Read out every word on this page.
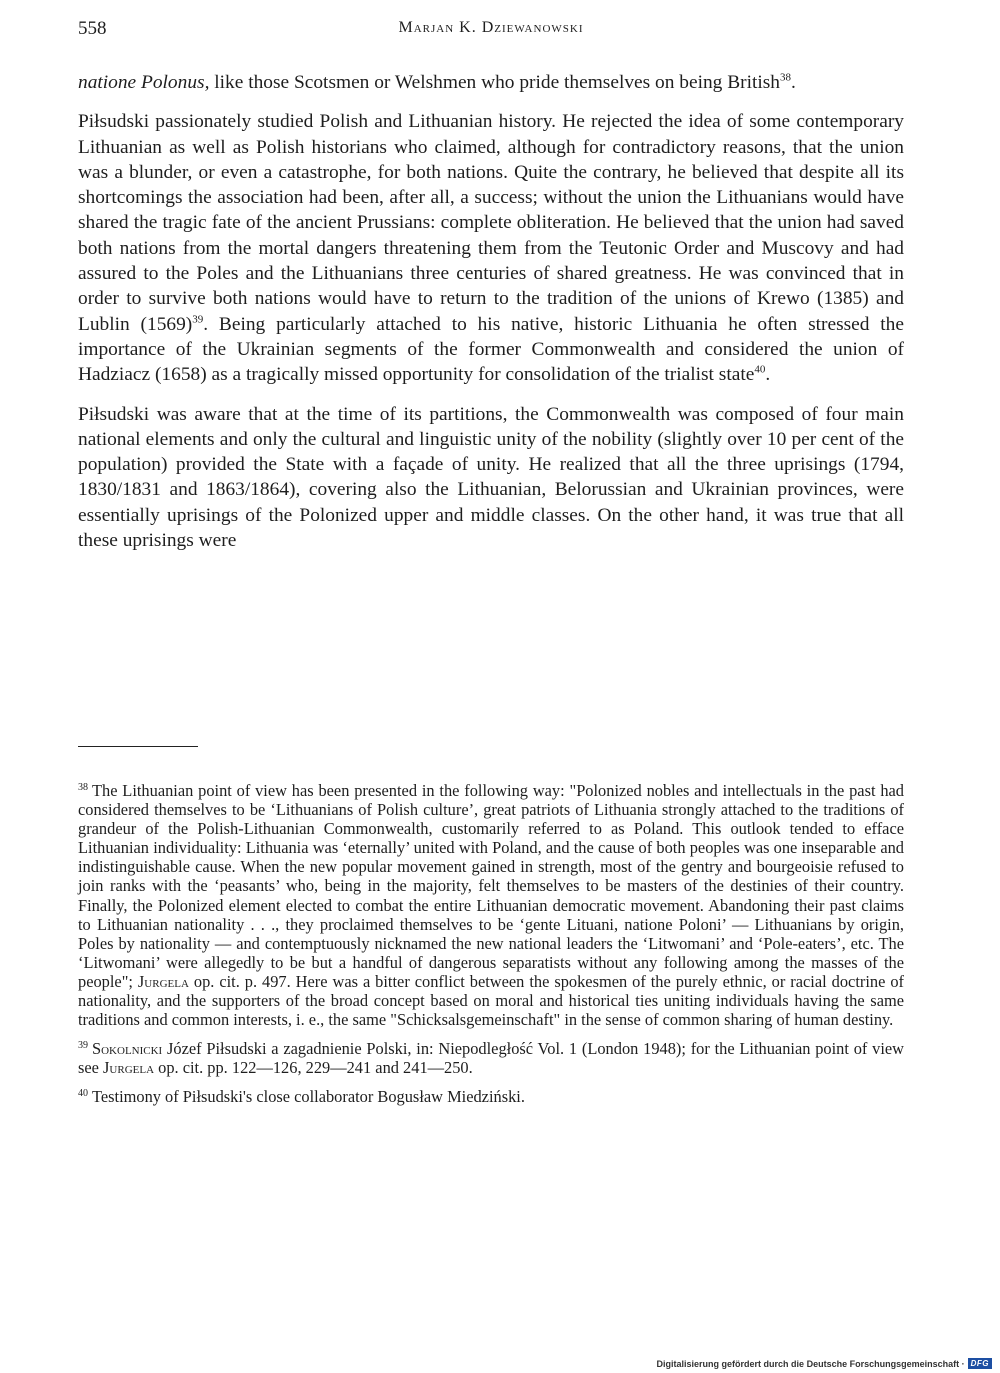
558	Marjan K. Dziewanowski

natione Polonus, like those Scotsmen or Welshmen who pride themselves on being British$^{38}$.

Piłsudski passionately studied Polish and Lithuanian history. He rejected the idea of some contemporary Lithuanian as well as Polish historians who claimed, although for contradictory reasons, that the union was a blunder, or even a catastrophe, for both nations. Quite the contrary, he believed that despite all its shortcomings the association had been, after all, a success; without the union the Lithuanians would have shared the tragic fate of the ancient Prussians: complete obliteration. He believed that the union had saved both nations from the mortal dangers threatening them from the Teutonic Order and Muscovy and had assured to the Poles and the Lithuanians three centuries of shared greatness. He was convinced that in order to survive both nations would have to return to the tradition of the unions of Krewo (1385) and Lublin $(1569)^{39}$. Being particularly attached to his native, historic Lithuania he often stressed the importance of the Ukrainian segments of the former Commonwealth and considered the union of Hadziacz (1658) as a tragically missed opportunity for consolidation of the trialist state$^{40}$.

Piłsudski was aware that at the time of its partitions, the Commonwealth was composed of four main national elements and only the cultural and linguistic unity of the nobility (slightly over 10 per cent of the population) provided the State with a façade of unity. He realized that all the three uprisings (1794, 1830/1831 and 1863/1864), covering also the Lithuanian, Belorussian and Ukrainian provinces, were essentially uprisings of the Polonized upper and middle classes. On the other hand, it was true that all these uprisings were

$^{38}$ The Lithuanian point of view has been presented in the following way: "Polonized nobles and intellectuals in the past had considered themselves to be ‘Lithuanians of Polish culture’, great patriots of Lithuania strongly attached to the traditions of grandeur of the Polish-Lithuanian Commonwealth, customarily referred to as Poland. This outlook tended to efface Lithuanian individuality: Lithuania was ‘eternally’ united with Poland, and the cause of both peoples was one inseparable and indistinguishable cause. When the new popular movement gained in strength, most of the gentry and bourgeoisie refused to join ranks with the ‘peasants’ who, being in the majority, felt themselves to be masters of the destinies of their country. Finally, the Polonized element elected to combat the entire Lithuanian democratic movement. Abandoning their past claims to Lithuanian nationality . . ., they proclaimed themselves to be ‘gente Lituani, natione Poloni’ — Lithuanians by origin, Poles by nationality — and contemptuously nicknamed the new national leaders the ‘Litwomani’ and ‘Pole-eaters’, etc. The ‘Litwomani’ were allegedly to be but a handful of dangerous separatists without any following among the masses of the people"; Jurgela op. cit. p. 497. Here was a bitter conflict between the spokesmen of the purely ethnic, or racial doctrine of nationality, and the supporters of the broad concept based on moral and historical ties uniting individuals having the same traditions and common interests, i. e., the same "Schicksalsgemeinschaft" in the sense of common sharing of human destiny.

$^{39}$ Sokolnicki Józef Piłsudski a zagadnienie Polski, in: Niepodległość Vol. 1 (London 1948); for the Lithuanian point of view see Jurgela op. cit. pp. 122—126, 229—241 and 241—250.

$^{40}$ Testimony of Piłsudski's close collaborator Bogusław Miedziński.

Digitalisierung gefördert durch die Deutsche Forschungsgemeinschaft · DFG
